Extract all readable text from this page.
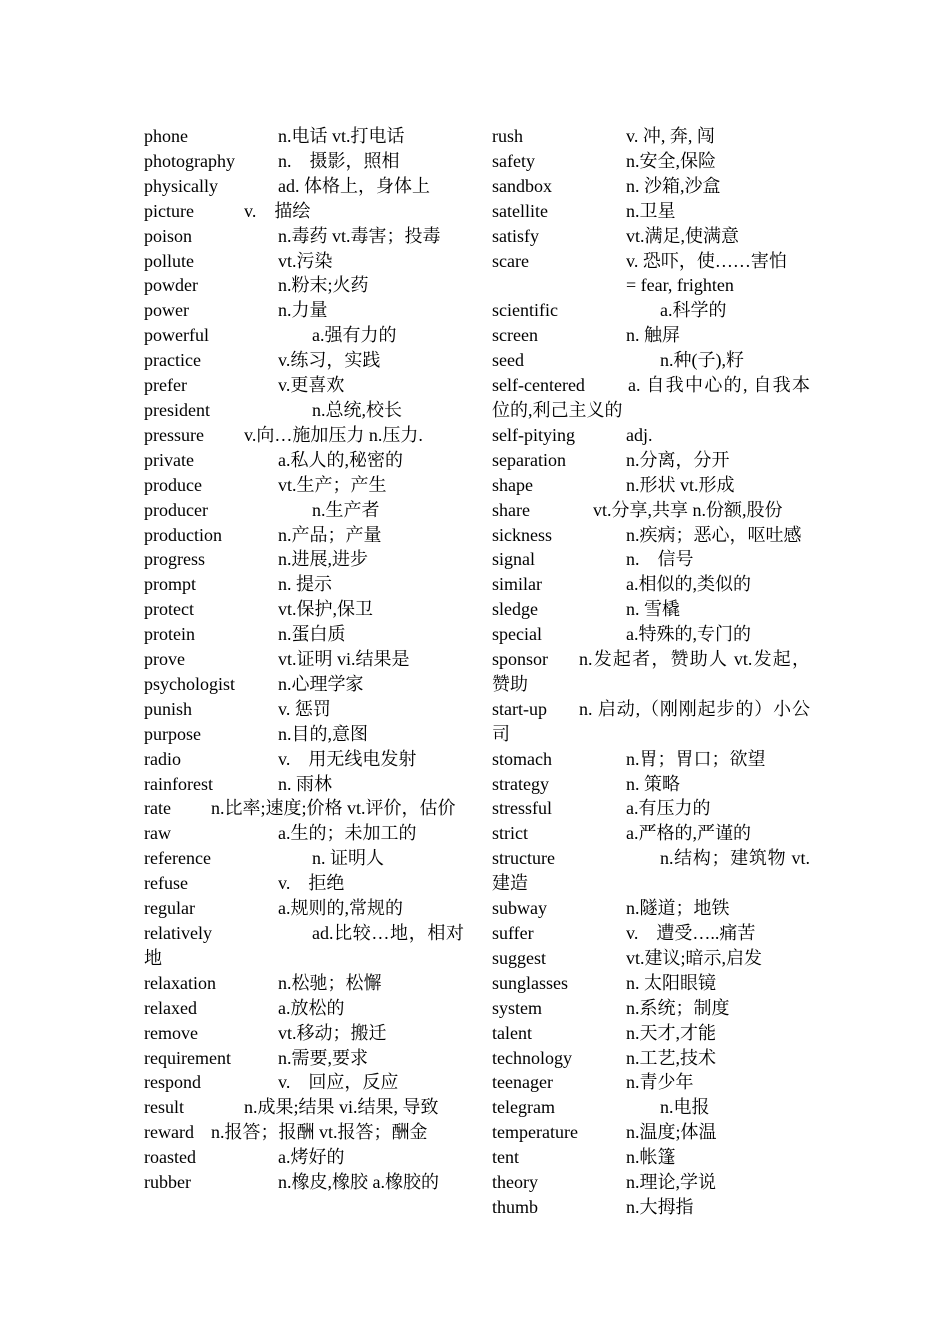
phone	n.电话 vt.打电话
photography n.　摄影，照相
physically	ad. 体格上，身体上
picture	v.　描绘
poison	n.毒药 vt.毒害；投毒
pollute	vt.污染
powder	n.粉末;火药
power	n.力量
powerful	a.强有力的
practice	v.练习，实践
prefer	v.更喜欢
president	n.总统,校长
pressure v.向…施加压力 n.压力.
private	a.私人的,秘密的
produce	vt.生产；产生
producer	n.生产者
production	n.产品；产量
progress	n.进展,进步
prompt	n. 提示
protect	vt.保护,保卫
protein	n.蛋白质
prove	vt.证明 vi.结果是
psychologist n.心理学家
punish	v. 惩罚
purpose	n.目的,意图
radio	v.　用无线电发射
rainforest	n. 雨林
rate n.比率;速度;价格 vt.评价，估价
raw	a.生的；未加工的
reference	n. 证明人
refuse	v.　拒绝
regular	a.规则的,常规的
relatively	ad.比较…地，相对地
relaxation	n.松驰；松懈
relaxed	a.放松的
remove	vt.移动；搬迁
requirement	n.需要,要求
respond	v.　回应，反应
result	n.成果;结果 vi.结果, 导致
reward n.报答；报酬 vt.报答；酬金
roasted	a.烤好的
rubber	n.橡皮,橡胶 a.橡胶的
rush	v. 冲, 奔, 闯
safety	n.安全,保险
sandbox	n. 沙箱,沙盒
satellite	n.卫星
satisfy	vt.满足,使满意
scare	v. 恐吓，使……害怕
= fear, frighten
scientific	a.科学的
screen	n. 触屏
seed	n.种(子),籽
self-centered a. 自我中心的, 自我本位的,利己主义的
self-pitying	adj.
separation	n.分离，分开
shape	n.形状 vt.形成
share	vt.分享,共享 n.份额,股份
sickness	n.疾病；恶心，呕吐感
signal	n.　信号
similar	a.相似的,类似的
sledge	n. 雪橇
special	a.特殊的,专门的
sponsor n.发起者，赞助人 vt.发起，赞助
start-up n. 启动,（刚刚起步的）小公司
stomach	n.胃；胃口；欲望
strategy	n. 策略
stressful	a.有压力的
strict	a.严格的,严谨的
structure	n.结构；建筑物 vt.建造
subway	n.隧道；地铁
suffer	v.　遭受…..痛苦
suggest	vt.建议;暗示,启发
sunglasses	n. 太阳眼镜
system	n.系统；制度
talent	n.天才,才能
technology	n.工艺,技术
teenager	n.青少年
telegram	n.电报
temperature	n.温度;体温
tent	n.帐篷
theory	n.理论,学说
thumb	n.大拇指
